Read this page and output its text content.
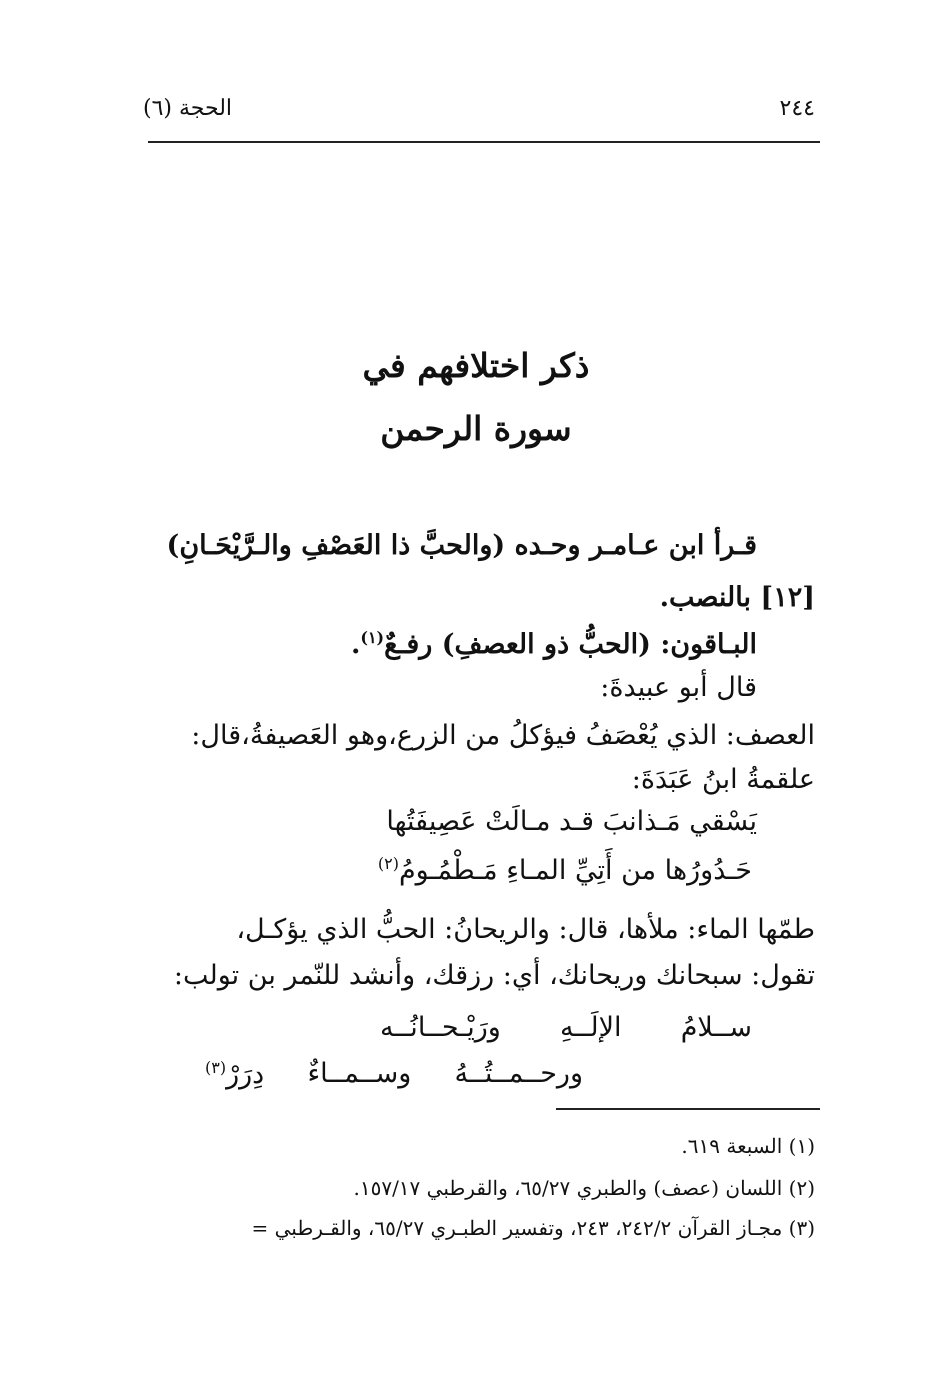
٢٤٤
الحجة (٦)
ذكر اختلافهم في
سورة الرحمن
قـرأ ابن عـامـر وحـده (والحبَّ ذا العَصْفِ والـرَّيْحَـانِ)
[١٢] بالنصب.
البـاقون: (الحبُّ ذو العصفِ) رفـعٌ$^{(١)}$.
قال أبو عبيدةَ:
العصف: الذي يُعْصَفُ فيؤكلُ من الزرع،وهو العَصيفةُ،قال:
علقمةُ ابنُ عَبَدَةَ:
يَسْقي مَـذانبَ قـد مـالَتْ عَصِيفَتُها
حَـدُورُها من أَتِيِّ المـاءِ مَـطْمُـومُ$^{(٢)}$
طمّها الماء: ملأها، قال: والريحانُ: الحبُّ الذي يؤكـل،
تقول: سبحانك وريحانك، أي: رزقك، وأنشد للنّمر بن تولب:
ســلامُ
الإلَــهِ
ورَيْـحــانُــه
ورحــمــتُــهُ
وســمــاءٌ
دِرَرْ$^{(٣)}$
(١) السبعة ٦١٩.
(٢) اللسان (عصف) والطبري ٦٥/٢٧، والقرطبي ١٥٧/١٧.
(٣) مجـاز القرآن ٢٤٢/٢، ٢٤٣، وتفسير الطبـري ٦٥/٢٧، والقـرطبي =
